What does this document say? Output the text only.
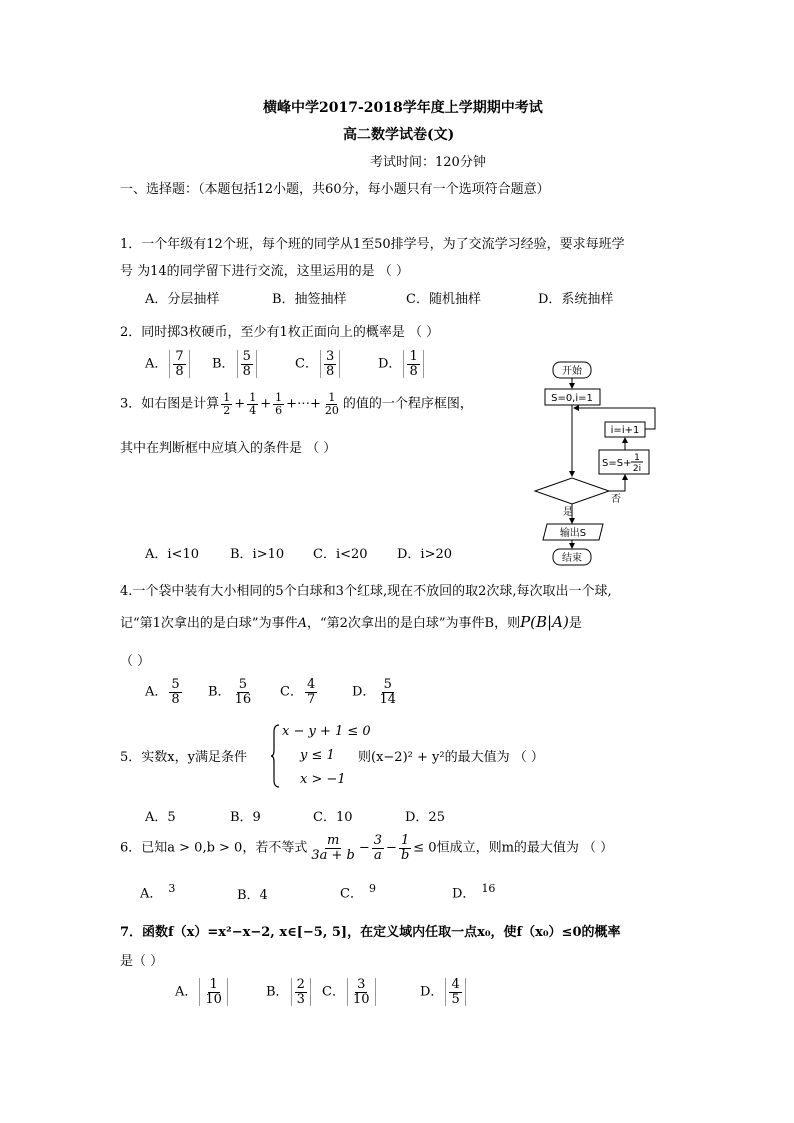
横峰中学2017-2018学年度上学期期中考试
高二数学试卷(文)
考试时间：120分钟
一、选择题：（本题包括12小题，共60分，每小题只有一个选项符合题意）
1．一个年级有12个班，每个班的同学从1至50排学号，为了交流学习经验，要求每班学
号 为14的同学留下进行交流，这里运用的是 （ ）
A．分层抽样	B．抽签抽样	C．随机抽样	D．系统抽样
2．同时掷3枚硬币，至少有1枚正面向上的概率是 （ ）
A． $\frac{7}{8}$ B． $\frac{5}{8}$	C． $\frac{3}{8}$	D． $\frac{1}{8}$
3．如右图是计算 $\frac{1}{2} + \frac{1}{4} + \frac{1}{6}$ +⋯+ $\frac{1}{20}$ 的值的一个程序框图，
其中在判断框中应填入的条件是 （ ）
A．i<10 B．i>10 C．i<20 D．i>20
开始
S=0,i=1
i=i+1
S=S+ 1
2i
否
是
输出S
结束
4.一个袋中装有大小相同的5个白球和3个红球,现在不放回的取2次球,每次取出一个球,
记“第1次拿出的是白球”为事件A，“第2次拿出的是白球”为事件B，则P(B|A)是
（ ）
A． $\frac{5}{8}$ B． $\frac{5}{16}$ C． $\frac{4}{7}$	D． $\frac{5}{14}$
5．实数x，y满足条件
x − y + 1 ≤ 0
y ≤ 1
x > −1
则(x−2)² + y²的最大值为 （ ）
A．5	B．9	C．10	D．25
6．已知a > 0,b > 0，若不等式 $\frac{m}{3a + b} - \frac{3}{a} - \frac{1}{b} \le 0$恒成立，则m的最大值为 （ ）
A． $^3$	B．4	C． $^9$	D． $^{16}$
7．函数f（x）=x²−x−2, x∈[−5, 5]，在定义域内任取一点x₀，使f（x₀）≤0的概率
是（ ）
A． $\frac{1}{10}$	B． $\frac{2}{3}$ C． $\frac{3}{10}$	D． $\frac{4}{5}$
